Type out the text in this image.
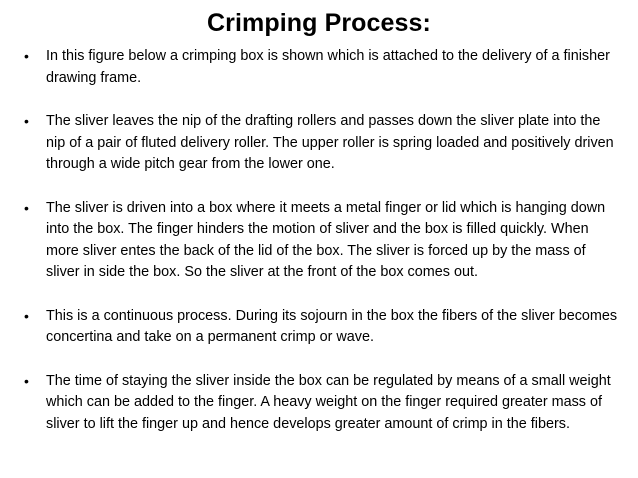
Crimping Process:
• In this figure below a crimping box is shown which is attached to the delivery of a finisher drawing frame.
• The sliver leaves the nip of the drafting rollers and passes down the sliver plate into the nip of a pair of fluted delivery roller. The upper roller is spring loaded and positively driven through a wide pitch gear from the lower one.
• The sliver is driven into a box where it meets a metal finger or lid which is hanging down into the box. The finger hinders the motion of sliver and the box is filled quickly. When more sliver entes the back of the lid of the box. The sliver is forced up by the mass of sliver in side the box. So the sliver at the front of the box comes out.
• This is a continuous process. During its sojourn in the box the fibers of the sliver becomes concertina and take on a permanent crimp or wave.
• The time of staying the sliver inside the box can be regulated by means of a small weight which can be added to the finger. A heavy weight on the finger required greater mass of sliver to lift the finger up and hence develops greater amount of crimp in the fibers.
